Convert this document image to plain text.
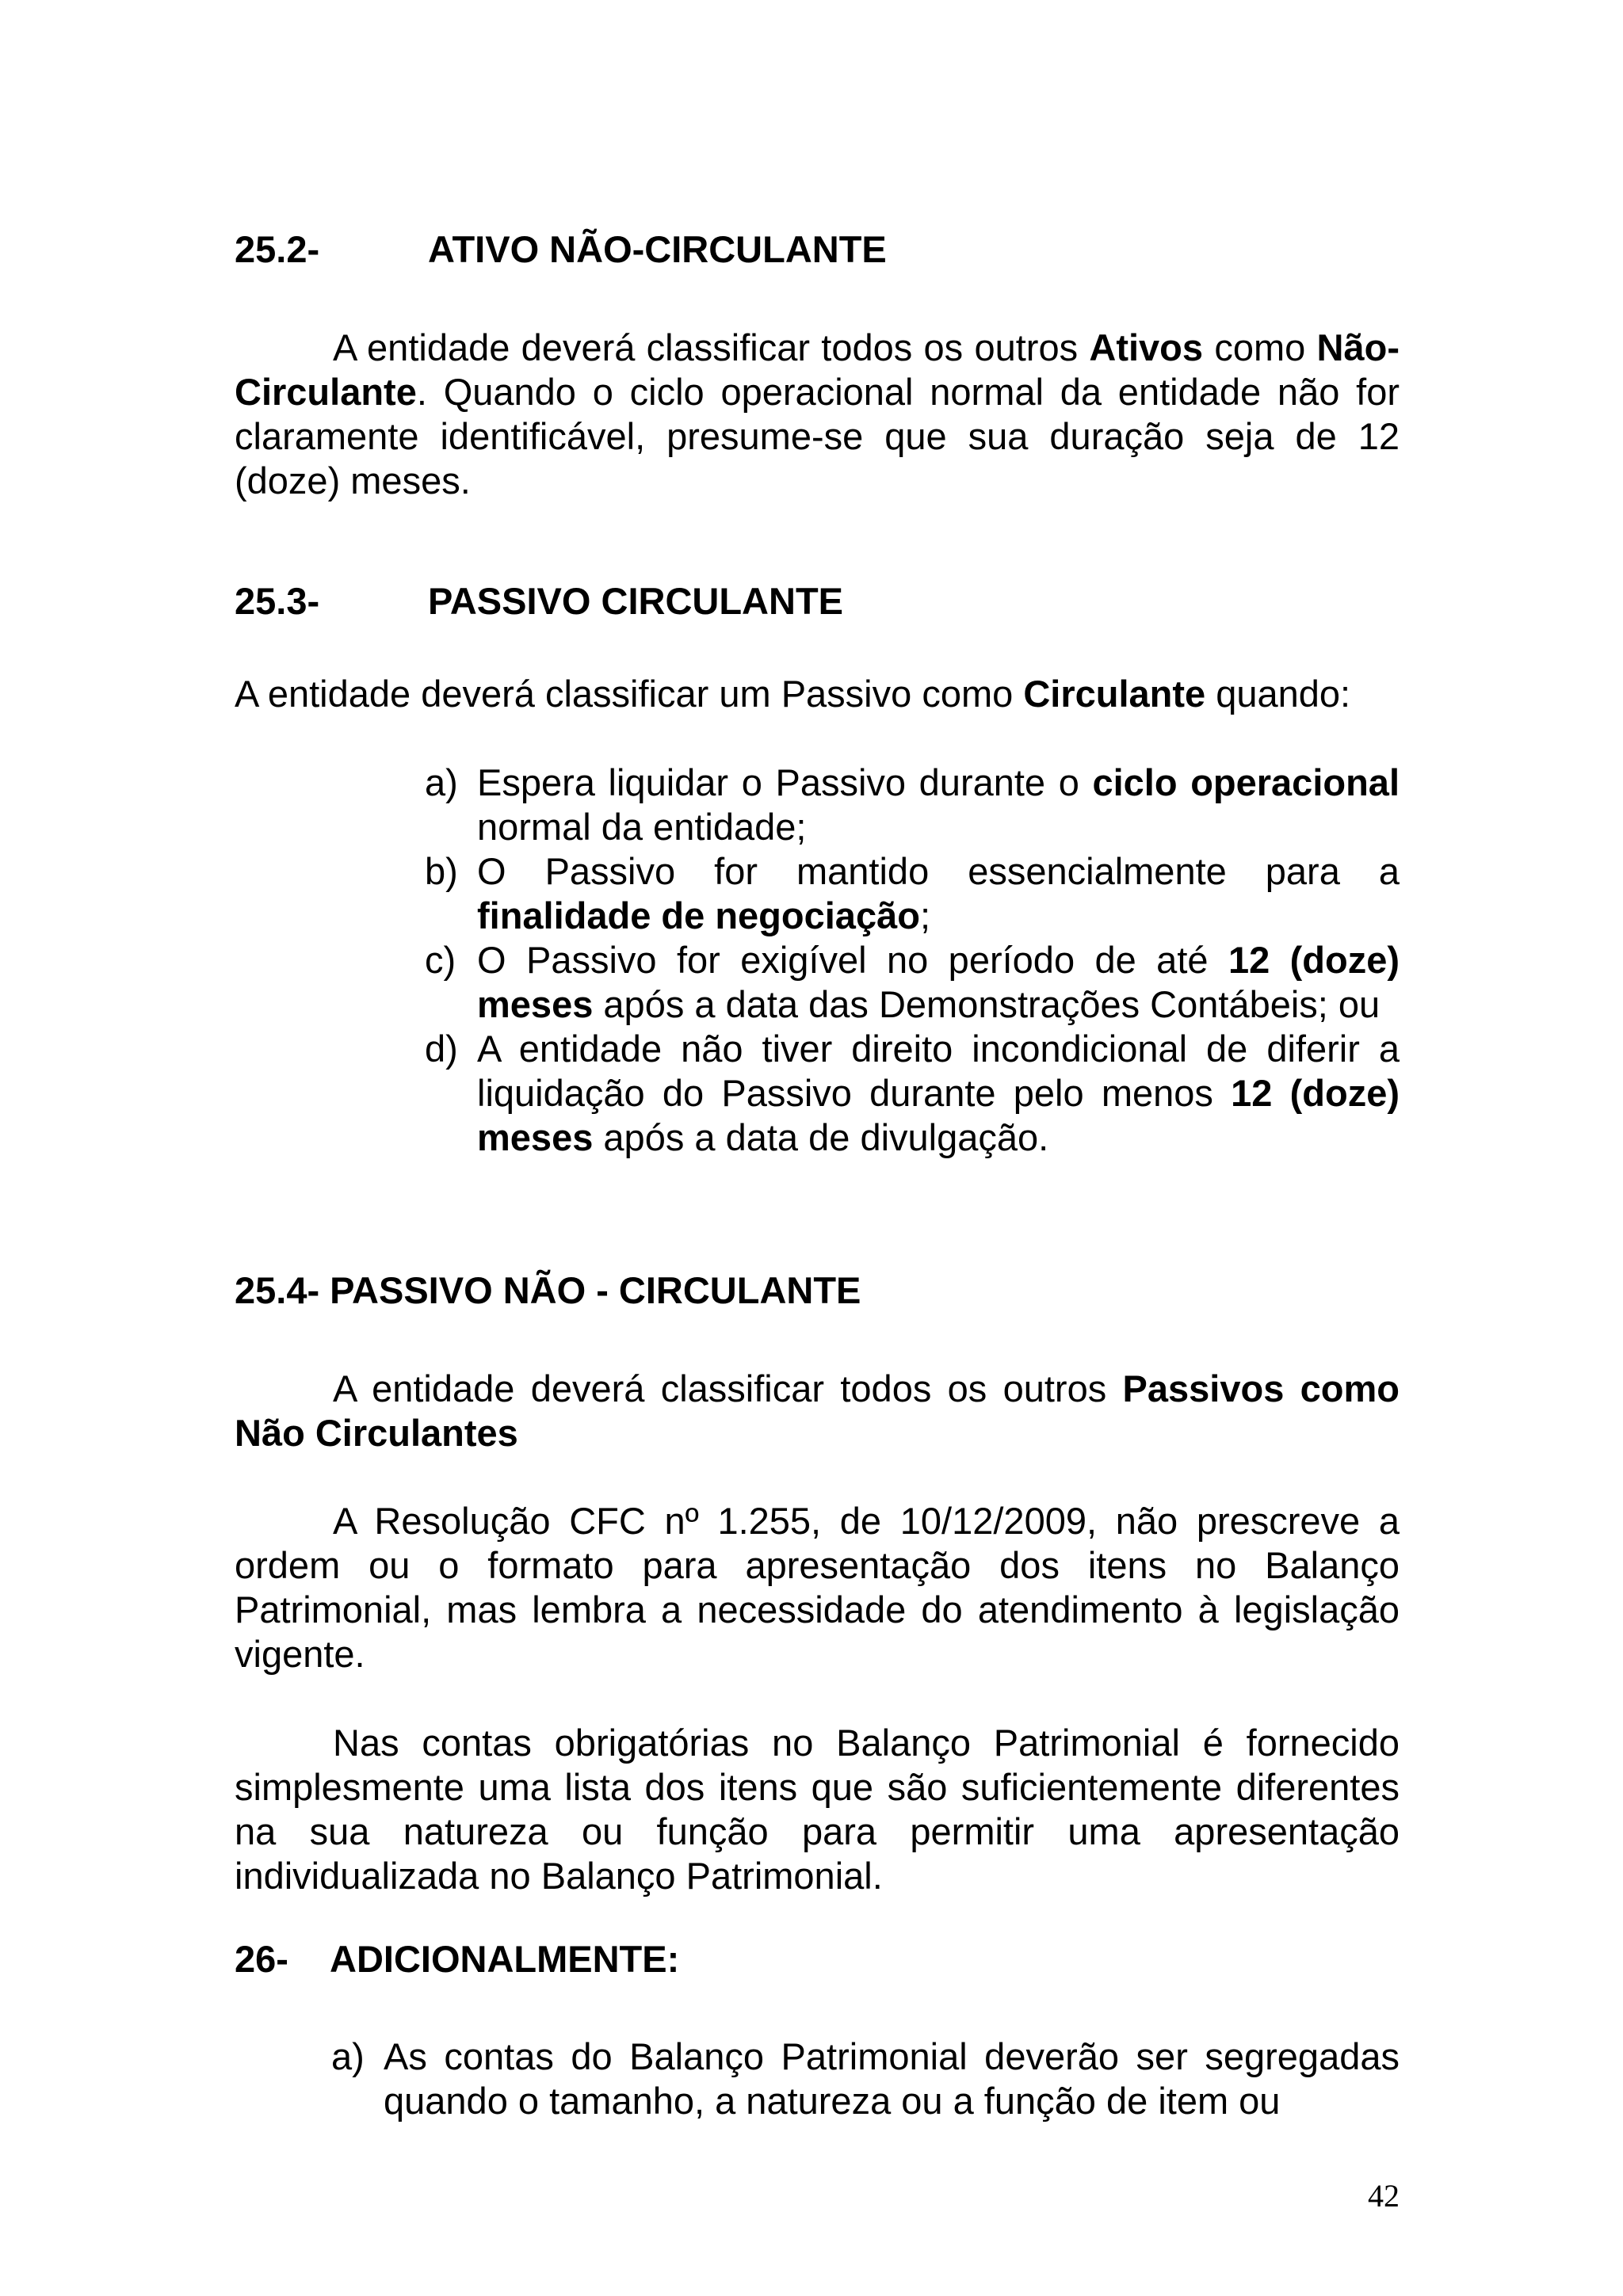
25.2-	ATIVO NÃO-CIRCULANTE
A entidade deverá classificar todos os outros Ativos como Não-Circulante. Quando o ciclo operacional normal da entidade não for claramente identificável, presume-se que sua duração seja de 12 (doze) meses.
25.3-	PASSIVO CIRCULANTE
A entidade deverá classificar um Passivo como Circulante quando:
a) Espera liquidar o Passivo durante o ciclo operacional normal da entidade;
b) O Passivo for mantido essencialmente para a finalidade de negociação;
c) O Passivo for exigível no período de até 12 (doze) meses após a data das Demonstrações Contábeis; ou
d) A entidade não tiver direito incondicional de diferir a liquidação do Passivo durante pelo menos 12 (doze) meses após a data de divulgação.
25.4- PASSIVO NÃO - CIRCULANTE
A entidade deverá classificar todos os outros Passivos como Não Circulantes
A Resolução CFC nº 1.255, de 10/12/2009, não prescreve a ordem ou o formato para apresentação dos itens no Balanço Patrimonial, mas lembra a necessidade do atendimento à legislação vigente.
Nas contas obrigatórias no Balanço Patrimonial é fornecido simplesmente uma lista dos itens que são suficientemente diferentes na sua natureza ou função para permitir uma apresentação individualizada no Balanço Patrimonial.
26- ADICIONALMENTE:
a) As contas do Balanço Patrimonial deverão ser segregadas quando o tamanho, a natureza ou a função de item ou
42
